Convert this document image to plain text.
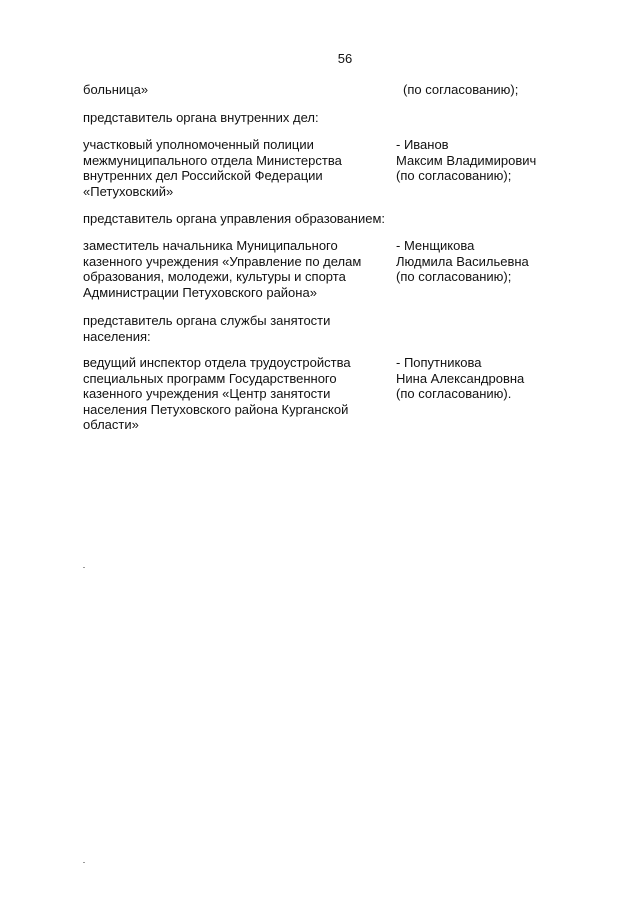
56
больница»	(по согласованию);
представитель органа внутренних дел:
участковый уполномоченный полиции
межмуниципального отдела Министерства
внутренних дел Российской Федерации
«Петуховский»
- Иванов
Максим Владимирович
(по согласованию);
представитель органа управления образованием:
заместитель начальника Муниципального
казенного учреждения «Управление по делам
образования, молодежи, культуры и спорта
Администрации Петуховского района»
- Менщикова
Людмила Васильевна
(по согласованию);
представитель органа службы занятости
населения:
ведущий инспектор отдела трудоустройства
специальных программ Государственного
казенного учреждения «Центр занятости
населения Петуховского района Курганской
области»
- Попутникова
Нина Александровна
(по согласованию).
